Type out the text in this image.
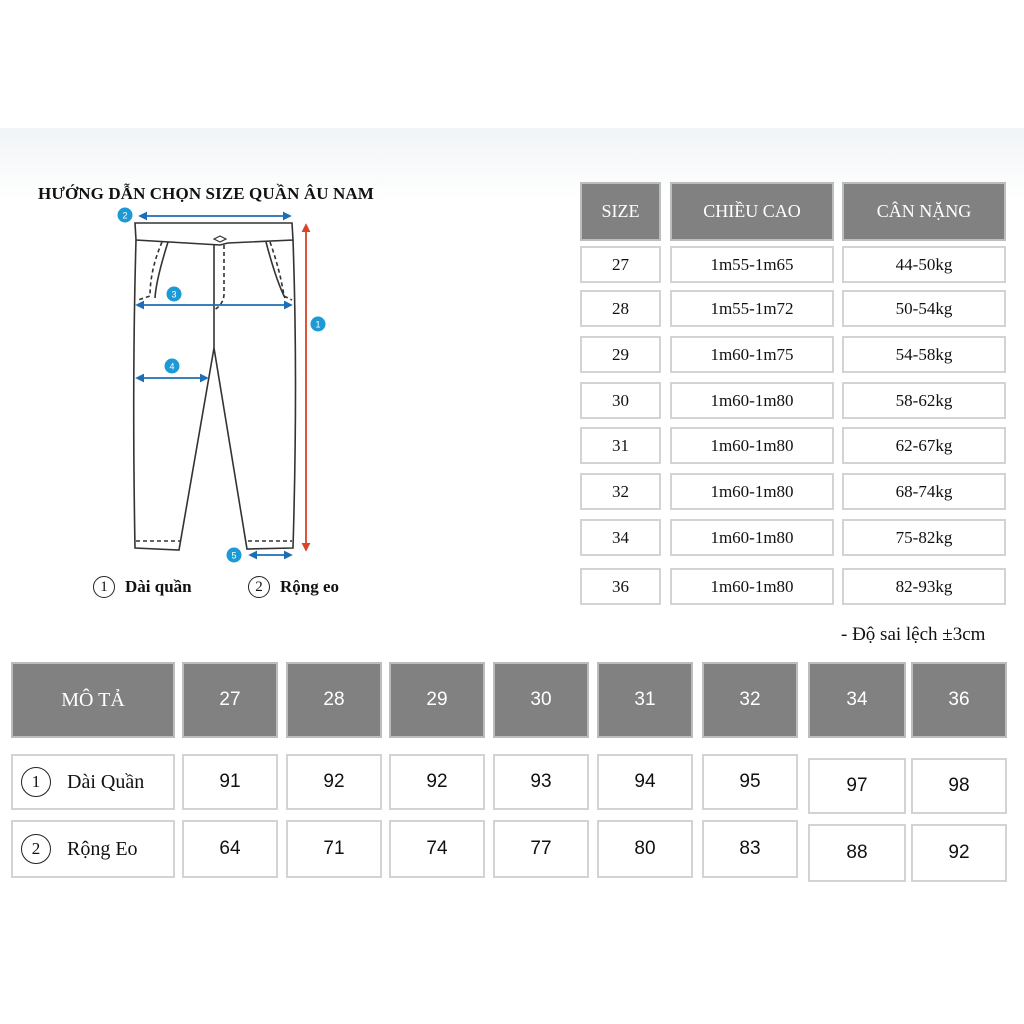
HƯỚNG DẪN CHỌN SIZE QUẦN ÂU NAM
2
3
1
4
5
1	Dài quần	2	Rộng eo
SIZE	CHIỀU CAO	CÂN NẶNG
27	1m55-1m65	44-50kg
28	1m55-1m72	50-54kg
29	1m60-1m75	54-58kg
30	1m60-1m80	58-62kg
31	1m60-1m80	62-67kg
32	1m60-1m80	68-74kg
34	1m60-1m80	75-82kg
36	1m60-1m80	82-93kg
- Độ sai lệch ±3cm
MÔ TẢ	27	28	29	30	31	32	34	36
1	Dài Quần	91	92	92	93	94	95	97	98
2	Rộng Eo	64	71	74	77	80	83	88	92
